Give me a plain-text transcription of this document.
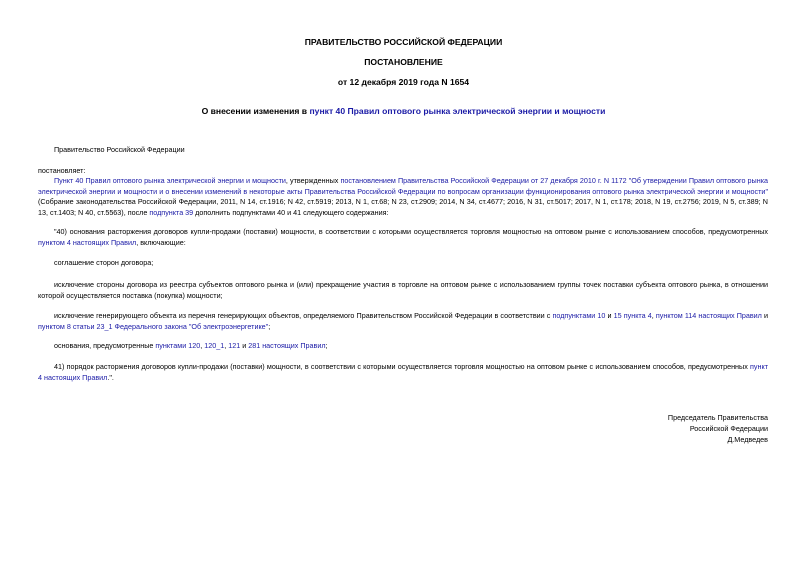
ПРАВИТЕЛЬСТВО РОССИЙСКОЙ ФЕДЕРАЦИИ
ПОСТАНОВЛЕНИЕ
от 12 декабря 2019 года N 1654
О внесении изменения в пункт 40 Правил оптового рынка электрической энергии и мощности
Правительство Российской Федерации
постановляет:
Пункт 40 Правил оптового рынка электрической энергии и мощности, утвержденных постановлением Правительства Российской Федерации от 27 декабря 2010 г. N 1172 "Об утверждении Правил оптового рынка электрической энергии и мощности и о внесении изменений в некоторые акты Правительства Российской Федерации по вопросам организации функционирования оптового рынка электрической энергии и мощности" (Собрание законодательства Российской Федерации, 2011, N 14, ст.1916; N 42, ст.5919; 2013, N 1, ст.68; N 23, ст.2909; 2014, N 34, ст.4677; 2016, N 31, ст.5017; 2017, N 1, ст.178; 2018, N 19, ст.2756; 2019, N 5, ст.389; N 13, ст.1403; N 40, ст.5563), после подпункта 39 дополнить подпунктами 40 и 41 следующего содержания:
"40) основания расторжения договоров купли-продажи (поставки) мощности, в соответствии с которыми осуществляется торговля мощностью на оптовом рынке с использованием способов, предусмотренных пунктом 4 настоящих Правил, включающие:
соглашение сторон договора;
исключение стороны договора из реестра субъектов оптового рынка и (или) прекращение участия в торговле на оптовом рынке с использованием группы точек поставки субъекта оптового рынка, в отношении которой осуществляется поставка (покупка) мощности;
исключение генерирующего объекта из перечня генерирующих объектов, определяемого Правительством Российской Федерации в соответствии с подпунктами 10 и 15 пункта 4, пунктом 114 настоящих Правил и пунктом 8 статьи 23_1 Федерального закона "Об электроэнергетике";
основания, предусмотренные пунктами 120, 120_1, 121 и 281 настоящих Правил;
41) порядок расторжения договоров купли-продажи (поставки) мощности, в соответствии с которыми осуществляется торговля мощностью на оптовом рынке с использованием способов, предусмотренных пункт 4 настоящих Правил.".
Председатель Правительства
Российской Федерации
Д.Медведев
